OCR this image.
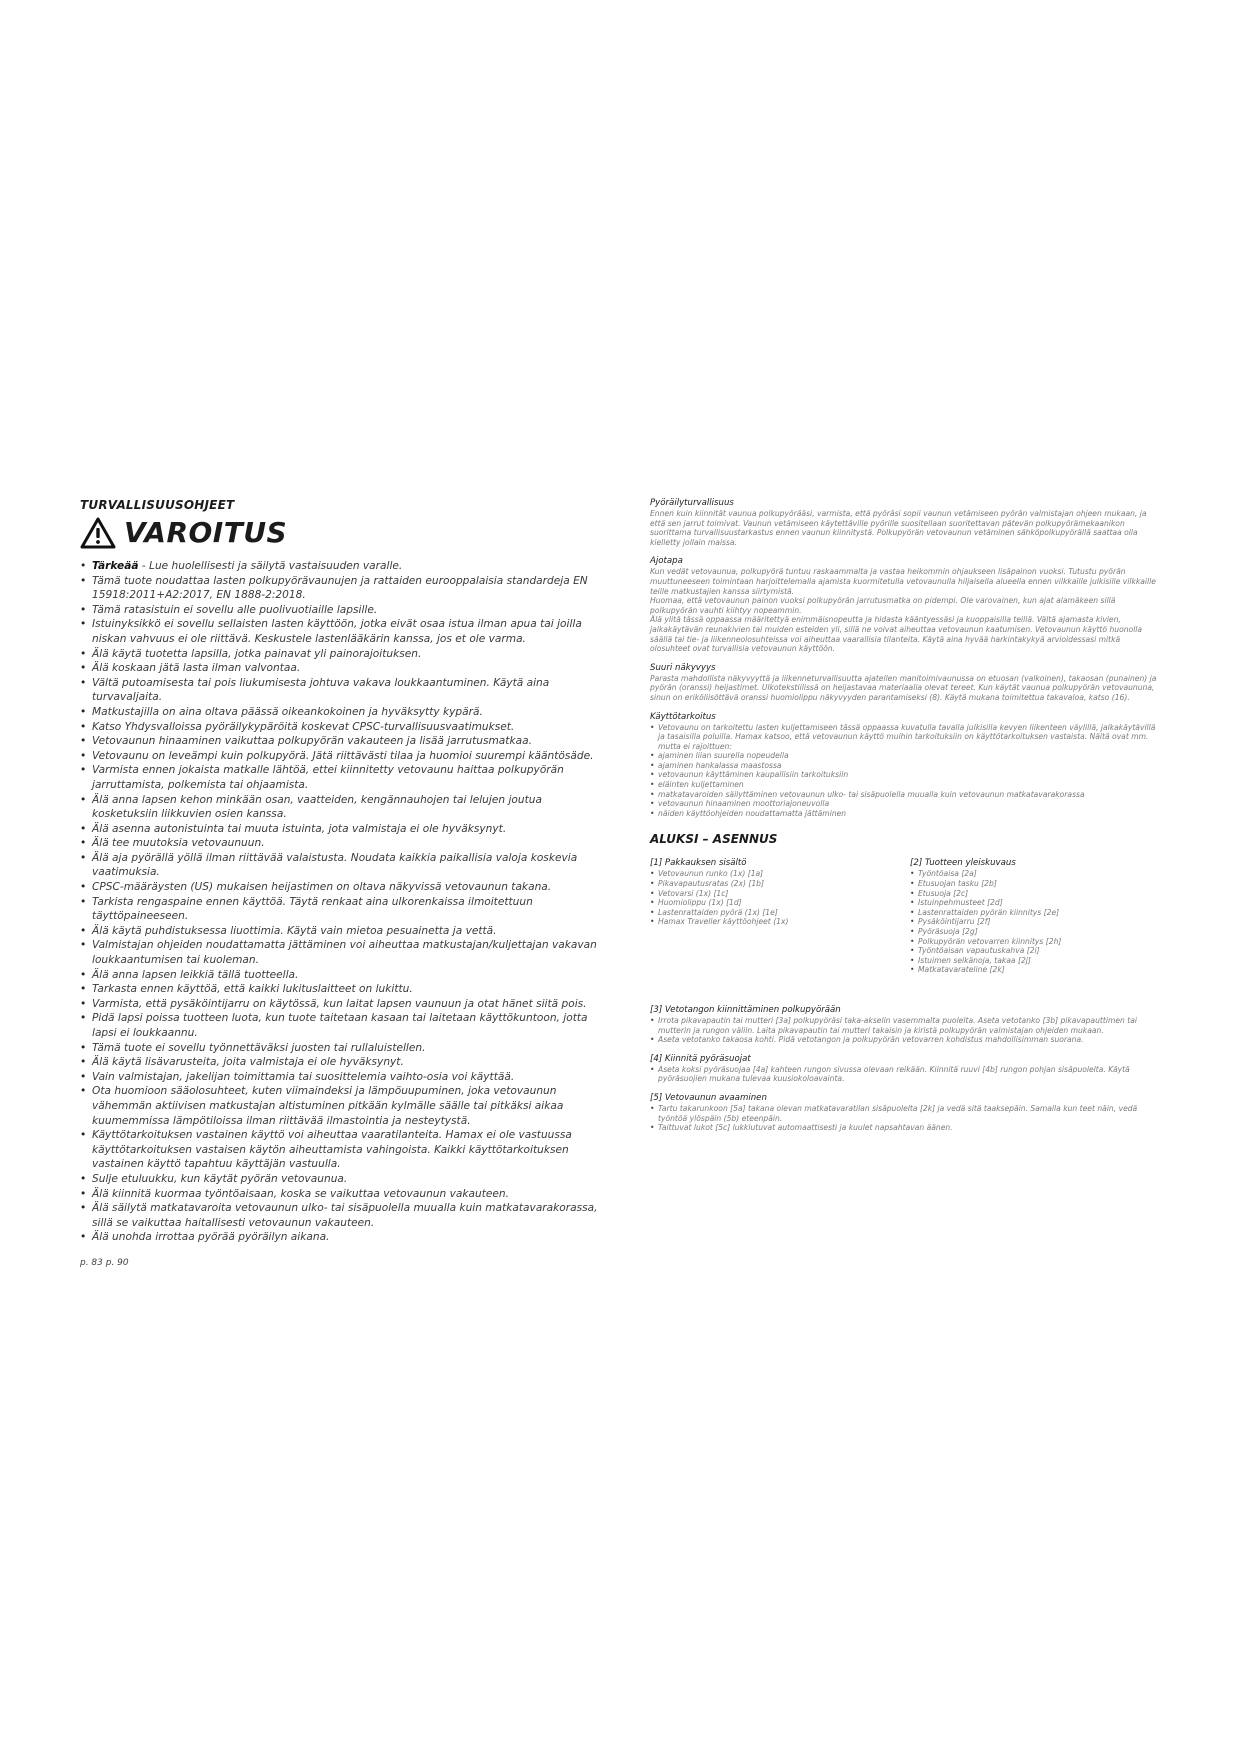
TURVALLISUUSOHJEET
VAROITUS
• Tärkeää - Lue huolellisesti ja säilytä vastaisuuden varalle.
• Tämä tuote noudattaa lasten polkupyörävaunujen ja rattaiden eurooppalaisia standardeja EN 15918:2011+A2:2017, EN 1888-2:2018.
• Tämä ratasistuin ei sovellu alle puolivuotiaille lapsille.
• Istuinyksikkö ei sovellu sellaisten lasten käyttöön, jotka eivät osaa istua ilman apua tai joilla niskan vahvuus ei ole riittävä. Keskustele lastenlääkärin kanssa, jos et ole varma.
• Älä käytä tuotetta lapsilla, jotka painavat yli painorajoituksen.
• Älä koskaan jätä lasta ilman valvontaa.
• Vältä putoamisesta tai pois liukumisesta johtuva vakava loukkaantuminen. Käytä aina turvavaljaita.
• Matkustajilla on aina oltava päässä oikeankokoinen ja hyväksytty kypärä.
• Katso Yhdysvalloissa pyöräilykypäröitä koskevat CPSC-turvallisuusvaatimukset.
• Vetovaunun hinaaminen vaikuttaa polkupyörän vakauteen ja lisää jarrutusmatkaa.
• Vetovaunu on leveämpi kuin polkupyörä. Jätä riittävästi tilaa ja huomioi suurempi kääntösäde.
• Varmista ennen jokaista matkalle lähtöä, ettei kiinnitetty vetovaunu haittaa polkupyörän jarruttamista, polkemista tai ohjaamista.
• Älä anna lapsen kehon minkään osan, vaatteiden, kengännauhojen tai lelujen joutua kosketuksiin liikkuvien osien kanssa.
• Älä asenna autonistuinta tai muuta istuinta, jota valmistaja ei ole hyväksynyt.
• Älä tee muutoksia vetovaunuun.
• Älä aja pyörällä yöllä ilman riittävää valaistusta. Noudata kaikkia paikallisia valoja koskevia vaatimuksia.
• CPSC-määräysten (US) mukaisen heijastimen on oltava näkyvissä vetovaunun takana.
• Tarkista rengaspaine ennen käyttöä. Täytä renkaat aina ulkorenkaissa ilmoitettuun täyttöpaineeseen.
• Älä käytä puhdistuksessa liuottimia. Käytä vain mietoa pesuainetta ja vettä.
• Valmistajan ohjeiden noudattamatta jättäminen voi aiheuttaa matkustajan/kuljettajan vakavan loukkaantumisen tai kuoleman.
• Älä anna lapsen leikkiä tällä tuotteella.
• Tarkasta ennen käyttöä, että kaikki lukituslaitteet on lukittu.
• Varmista, että pysäköintijarru on käytössä, kun laitat lapsen vaunuun ja otat hänet siitä pois.
• Pidä lapsi poissa tuotteen luota, kun tuote taitetaan kasaan tai laitetaan käyttökuntoon, jotta lapsi ei loukkaannu.
• Tämä tuote ei sovellu työnnettäväksi juosten tai rullaluistellen.
• Älä käytä lisävarusteita, joita valmistaja ei ole hyväksynyt.
• Vain valmistajan, jakelijan toimittamia tai suosittelemia vaihto-osia voi käyttää.
• Ota huomioon sääolosuhteet, kuten viimaindeksi ja lämpöuupuminen, joka vetovaunun vähemmän aktiivisen matkustajan altistuminen pitkään kylmälle säälle tai pitkäksi aikaa kuumemmissa lämpötiloissa ilman riittävää ilmastointia ja nesteytystä.
• Käyttötarkoituksen vastainen käyttö voi aiheuttaa vaaratilanteita. Hamax ei ole vastuussa käyttötarkoituksen vastaisen käytön aiheuttamista vahingoista. Kaikki käyttötarkoituksen vastainen käyttö tapahtuu käyttäjän vastuulla.
• Sulje etuluukku, kun käytät pyörän vetovaunua.
• Älä kiinnitä kuormaa työntöaisaan, koska se vaikuttaa vetovaunun vakauteen.
• Älä säilytä matkatavaroita vetovaunun ulko- tai sisäpuolella muualla kuin matkatavarakorassa, sillä se vaikuttaa haitallisesti vetovaunun vakauteen.
• Älä unohda irrottaa pyörää pyöräilyn aikana.
p. 83 p. 90
Pyöräilyturvallisuus

Ennen kuin kiinnität vaunua polkupyörääsi, varmista, että pyöräsi sopii vaunun vetämiseen pyörän valmistajan ohjeen mukaan, ja että sen jarrut toimivat. Vaunun vetämiseen käytettäville pyörille suositellaan suoritettavan pätevän polkupyörämekaanikon suorittama turvallisuustarkastus ennen vaunun kiinnitystä. Polkupyörän vetovaunun vetäminen sähköpolkupyörällä saattaa olla kielletty jollain maissa.

Ajotapa

Kun vedät vetovaunua, polkupyörä tuntuu raskaammalta ja vastaa heikommin ohjaukseen lisäpainon vuoksi. Tutustu pyörän muuttuneeseen toimintaan harjoittelemalla ajamista kuormitetulla vetovaunulla hiljaisella alueella ennen vilkkaille julkisille vilkkaille teille matkustajien kanssa siirtymistä.

Huomaa, että vetovaunun painon vuoksi polkupyörän jarrutusmatka on pidempi. Ole varovainen, kun ajat alamäkeen sillä polkupyörän vauhti kiihtyy nopeammin.

Älä ylitä tässä oppaassa määritettyä enimmäisnopeutta ja hidasta kääntyessäsi ja kuoppaisilla teillä. Vältä ajamasta kivien, jalkakäytävän reunakivien tai muiden esteiden yli, sillä ne voivat aiheuttaa vetovaunun kaatumisen. Vetovaunun käyttö huonolla säällä tai tie- ja liikenneolosuhteissa voi aiheuttaa vaarallisia tilanteita. Käytä aina hyvää harkintakykyä arvioidessasi mitkä olosuhteet ovat turvallisia vetovaunun käyttöön.

Suuri näkyvyys

Parasta mahdollista näkyvyyttä ja liikenneturvallisuutta ajatellen manitoimivaunussa on etuosan (valkoinen), takaosan (punainen) ja pyörän (oranssi) heijastimet. Ulkotekstiilissä on heijastavaa materiaalia olevat tereet. Kun käytät vaunua polkupyörän vetovaununa, sinun on eriköliisöttävä oranssi huomiolippu näkyvyyden parantamiseksi (8). Käytä mukana toimitettua takavaloa, katso (16).

Käyttötarkoitus
• Vetovaunu on tarkoitettu lasten kuljettamiseen tässä oppaassa kuvatulla tavalla julkisilla kevyen liikenteen väylillä, jalkakäytävillä ja tasaisilla poluilla. Hamax katsoo, että vetovaunun käyttö muihin tarkoituksiin on käyttötarkoituksen vastaista. Näitä ovat mm. mutta ei rajoittuen:
• ajaminen liian suurella nopeudella
• ajaminen hankalassa maastossa
• vetovaunun käyttäminen kaupallisiin tarkoituksiin
• eläinten kuljettaminen
• matkatavaroiden säilyttäminen vetovaunun ulko- tai sisäpuolella muualla kuin vetovaunun matkatavarakorassa
• vetovaunun hinaaminen moottoriajoneuvolla
• näiden käyttöohjeiden noudattamatta jättäminen
ALUKSI – ASENNUS
[1] Pakkauksen sisältö
• Vetovaunun runko (1x) [1a]
• Pikavapautusratas (2x) [1b]
• Vetovarsi (1x) [1c]
• Huomiolippu (1x) [1d]
• Lastenrattaiden pyörä (1x) [1e]
• Hamax Traveller käyttöohjeet (1x)
[2] Tuotteen yleiskuvaus
• Työntöaisa [2a]
• Etusuojan tasku [2b]
• Etusuoja [2c]
• Istuinpehmusteet [2d]
• Lastenrattaiden pyörän kiinnitys [2e]
• Pysäköintijarru [2f]
• Pyöräsuoja [2g]
• Polkupyörän vetovarren kiinnitys [2h]
• Työntöaisan vapautuskahva [2i]
• Istuimen selkänoja, takaa [2j]
• Matkatavarateline [2k]
[3] Vetotangon kiinnittäminen polkupyörään
• Irrota pikavapautin tai mutteri [3a] polkupyöräsi taka-akselin vasemmalta puolelta. Aseta vetotanko [3b] pikavapauttimen tai mutterin ja rungon väliin. Laita pikavapautin tai mutteri takaisin ja kiristä polkupyörän valmistajan ohjeiden mukaan.
• Aseta vetotanko takaosa kohti. Pidä vetotangon ja polkupyörän vetovarren kohdistus mahdollisimman suorana.
[4] Kiinnitä pyöräsuojat
• Aseta koksi pyöräsuojaa [4a] kahteen rungon sivussa olevaan reikään. Kiinnitä ruuvi [4b] rungon pohjan sisäpuolelta. Käytä pyöräsuojien mukana tulevaa kuusiokoloavainta.
[5] Vetovaunun avaaminen
• Tartu takarunkoon [5a] takana olevan matkatavaratilan sisäpuolelta [2k] ja vedä sitä taaksepäin. Samalla kun teet näin, vedä työntöä ylöspäin (5b) eteenpäin.
• Taittuvat lukot [5c] lukkiutuvat automaattisesti ja kuulet napsahtavan äänen.
